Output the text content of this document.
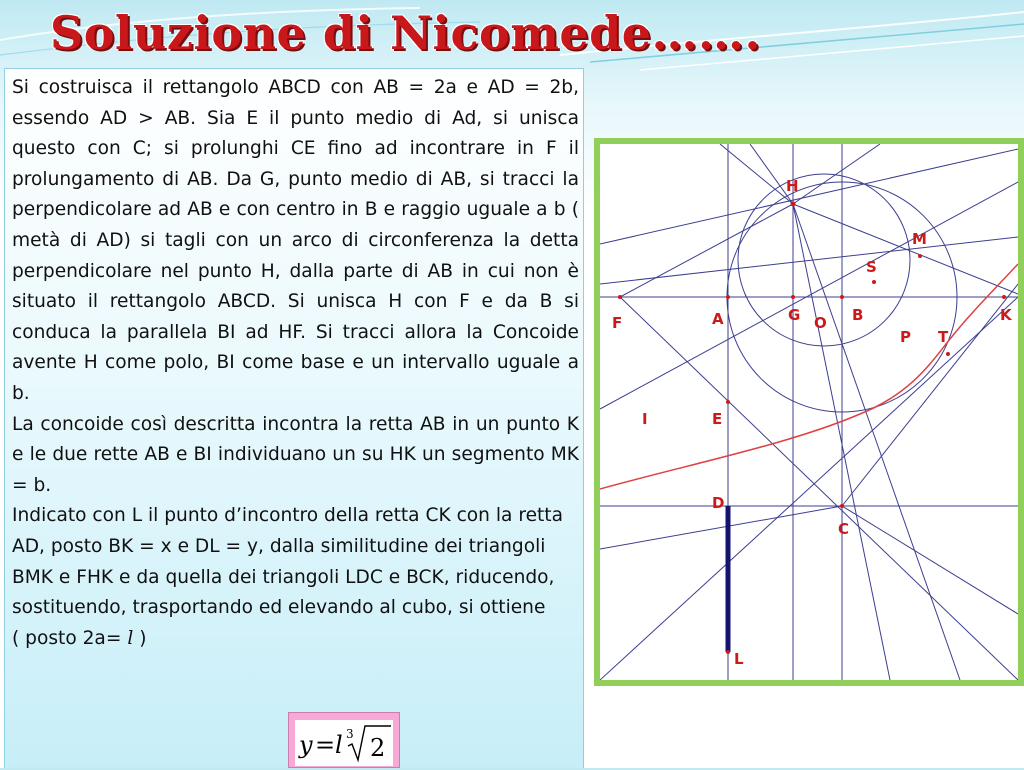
Soluzione di Nicomede…….

Si costruisca il rettangolo ABCD con AB = 2a e AD = 2b, essendo AD > AB. Sia E il punto medio di Ad, si unisca questo con C; si prolunghi CE fino ad incontrare in F il prolungamento di AB. Da G, punto medio di AB, si tracci la perpendicolare ad AB e con centro in B e raggio uguale a b ( metà di AD) si tagli con un arco di circonferenza la detta perpendicolare nel punto H, dalla parte di AB in cui non è situato il rettangolo ABCD. Si unisca H con F e da B si conduca la parallela BI ad HF. Si tracci allora la Concoide avente H come polo, BI come base e un intervallo uguale a b.

La concoide così descritta incontra la retta AB in un punto K e le due rette AB e BI individuano un su HK un segmento MK = b.

Indicato con L il punto d’incontro della retta CK con la retta AD, posto BK = x e DL = y, dalla similitudine dei triangoli BMK e FHK e da quella dei triangoli LDC e BCK, riducendo, sostituendo, trasportando ed elevando al cubo, si ottiene

( posto 2a= l )
y = l 3 2
H
M
S
F	A	G O B	K
P T
I	E
D
C
L
